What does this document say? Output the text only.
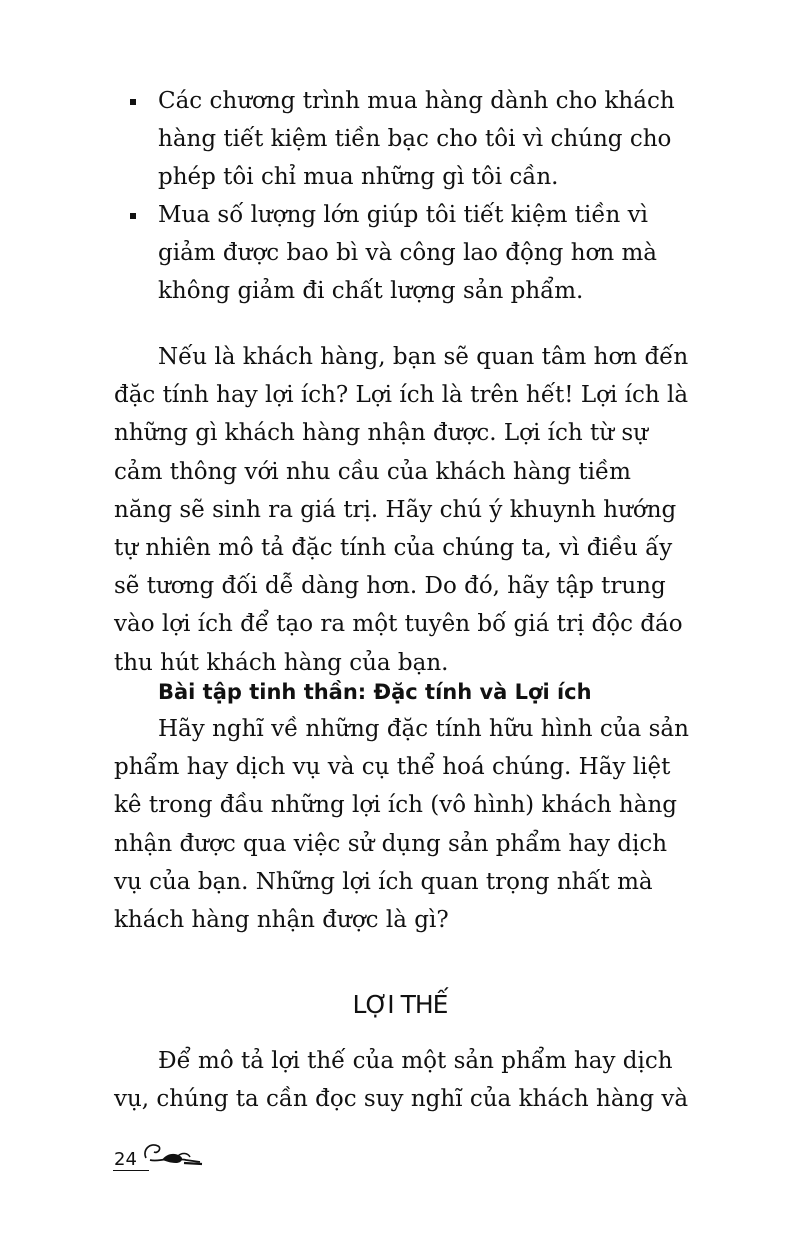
Các chương trình mua hàng dành cho khách hàng tiết kiệm tiền bạc cho tôi vì chúng cho phép tôi chỉ mua những gì tôi cần.
Mua số lượng lớn giúp tôi tiết kiệm tiền vì giảm được bao bì và công lao động hơn mà không giảm đi chất lượng sản phẩm.

Nếu là khách hàng, bạn sẽ quan tâm hơn đến đặc tính hay lợi ích? Lợi ích là trên hết! Lợi ích là những gì khách hàng nhận được. Lợi ích từ sự cảm thông với nhu cầu của khách hàng tiềm năng sẽ sinh ra giá trị. Hãy chú ý khuynh hướng tự nhiên mô tả đặc tính của chúng ta, vì điều ấy sẽ tương đối dễ dàng hơn. Do đó, hãy tập trung vào lợi ích để tạo ra một tuyên bố giá trị độc đáo thu hút khách hàng của bạn.

Bài tập tinh thần: Đặc tính và Lợi ích

Hãy nghĩ về những đặc tính hữu hình của sản phẩm hay dịch vụ và cụ thể hoá chúng. Hãy liệt kê trong đầu những lợi ích (vô hình) khách hàng nhận được qua việc sử dụng sản phẩm hay dịch vụ của bạn. Những lợi ích quan trọng nhất mà khách hàng nhận được là gì?

LỢI THẾ

Để mô tả lợi thế của một sản phẩm hay dịch vụ, chúng ta cần đọc suy nghĩ của khách hàng và

24
